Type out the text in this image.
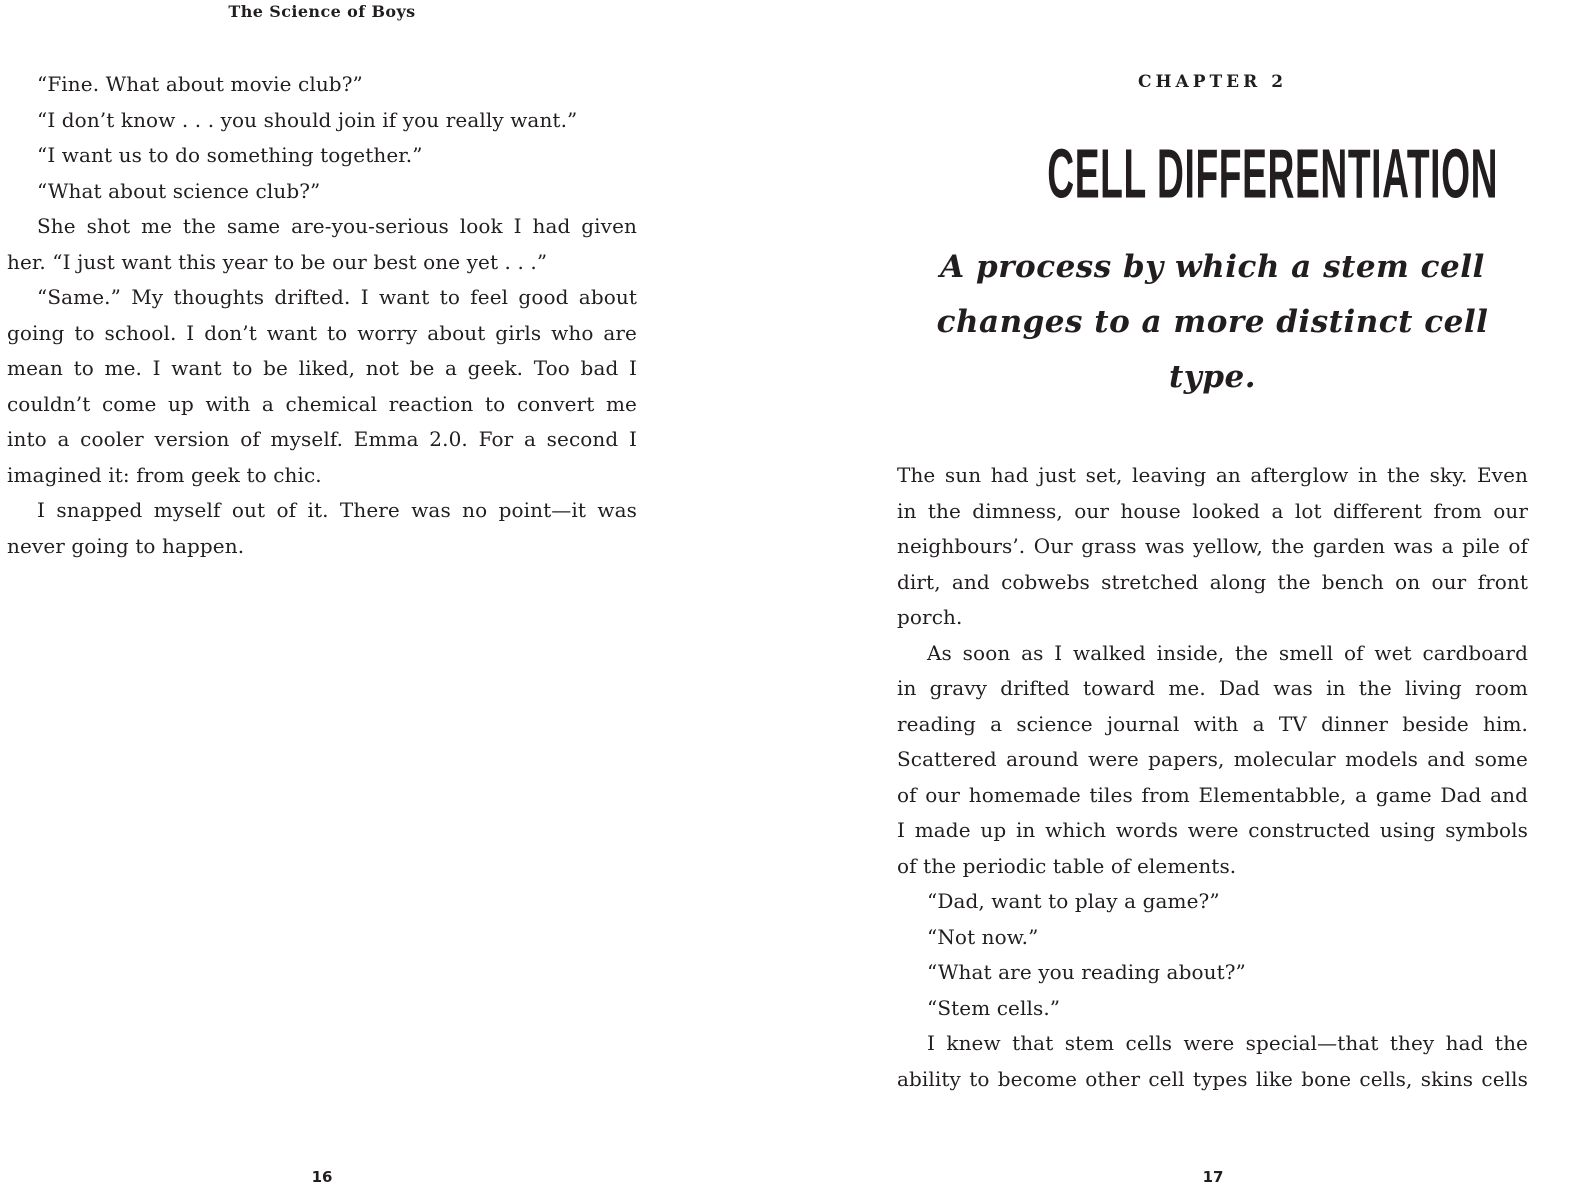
The Science of Boys
“Fine. What about movie club?”
“I don’t know . . . you should join if you really want.”
“I want us to do something together.”
“What about science club?”
She shot me the same are-you-serious look I had given
her. “I just want this year to be our best one yet . . .”
“Same.” My thoughts drifted. I want to feel good about
going to school. I don’t want to worry about girls who are
mean to me. I want to be liked, not be a geek. Too bad I
couldn’t come up with a chemical reaction to convert me
into a cooler version of myself. Emma 2.0. For a second I
imagined it: from geek to chic.
I snapped myself out of it. There was no point—it was
never going to happen.
16
CHAPTER 2
CELL DIFFERENTIATION
A process by which a stem cell
changes to a more distinct cell type.
The sun had just set, leaving an afterglow in the sky. Even
in the dimness, our house looked a lot different from our
neighbours’. Our grass was yellow, the garden was a pile of
dirt, and cobwebs stretched along the bench on our front
porch.
As soon as I walked inside, the smell of wet cardboard
in gravy drifted toward me. Dad was in the living room
reading a science journal with a TV dinner beside him.
Scattered around were papers, molecular models and some
of our homemade tiles from Elementabble, a game Dad and
I made up in which words were constructed using symbols
of the periodic table of elements.
“Dad, want to play a game?”
“Not now.”
“What are you reading about?”
“Stem cells.”
I knew that stem cells were special—that they had the
ability to become other cell types like bone cells, skins cells
17
